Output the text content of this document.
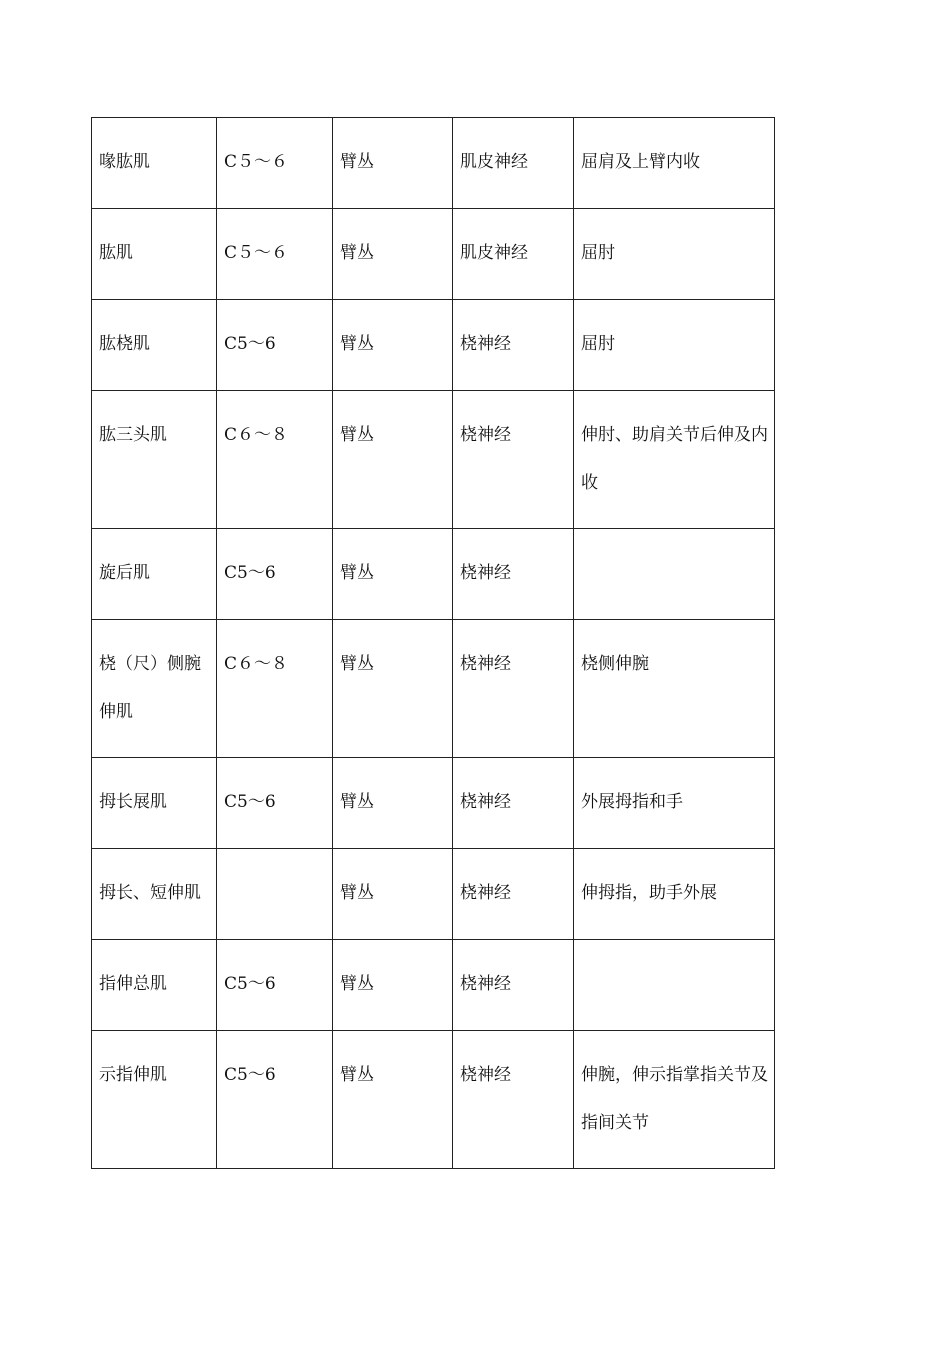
喙肱肌	C５～６	臂丛	肌皮神经	屈肩及上臂内收

肱肌	C５～６	臂丛	肌皮神经	屈肘

肱桡肌	C5～6	臂丛	桡神经	屈肘

肱三头肌	C６～８	臂丛	桡神经	伸肘、助肩关节后伸及内收

旋后肌	C5～6	臂丛	桡神经	

桡（尺）侧腕伸肌	C６～８	臂丛	桡神经	桡侧伸腕

拇长展肌	C5～6	臂丛	桡神经	外展拇指和手

拇长、短伸肌		臂丛	桡神经	伸拇指，助手外展

指伸总肌	C5～6	臂丛	桡神经	

示指伸肌	C5～6	臂丛	桡神经	伸腕，伸示指掌指关节及指间关节
